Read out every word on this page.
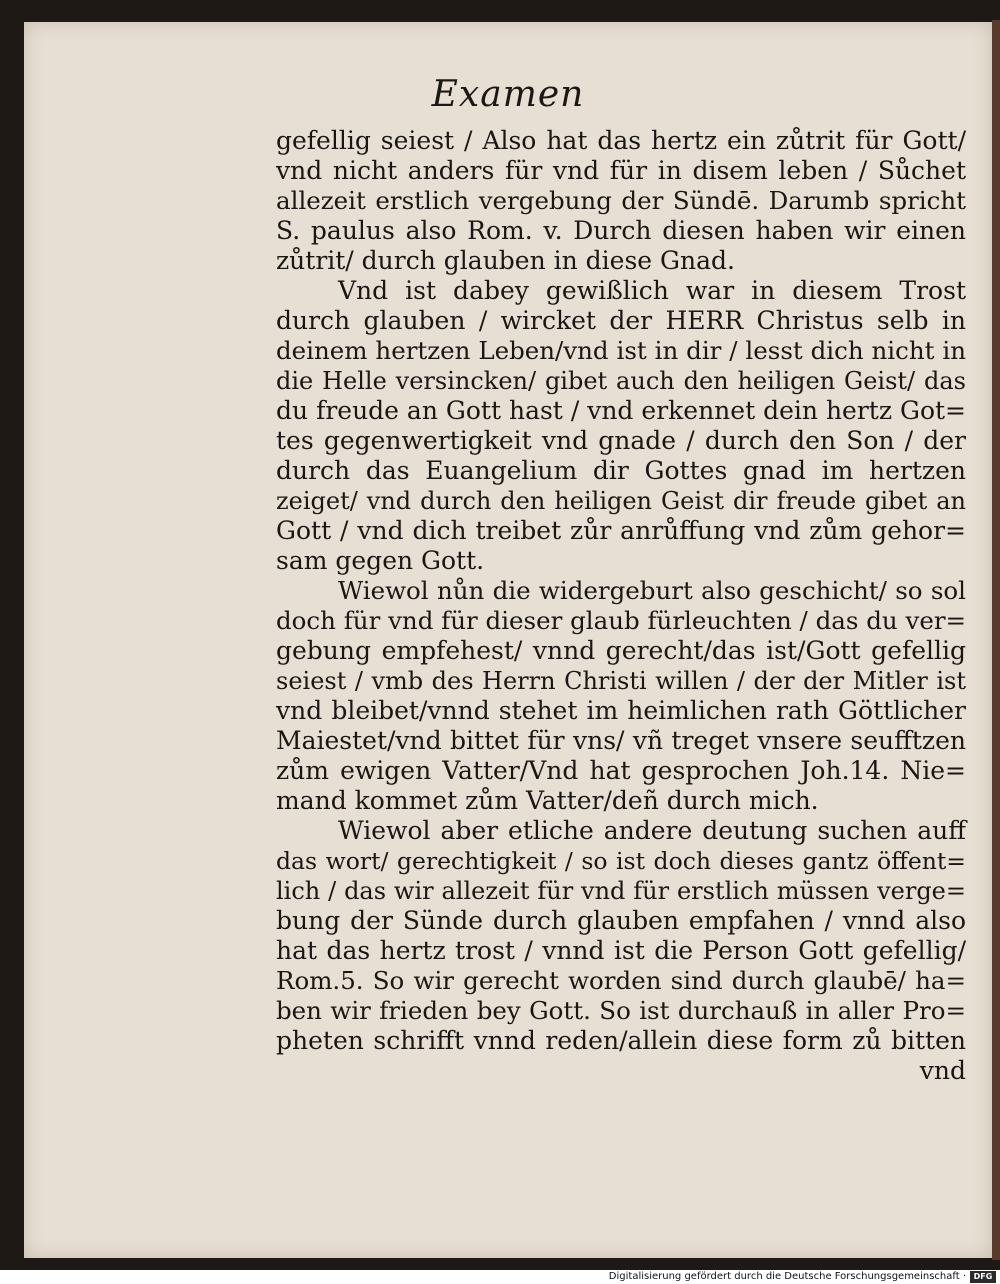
Examen
gefellig seiest / Also hat das hertz ein zůtrit für Gott/
vnd nicht anders für vnd für in disem leben / Sůchet
allezeit erstlich vergebung der Sündē. Darumb spricht
S. paulus also Rom. v. Durch diesen haben wir einen
zůtrit/ durch glauben in diese Gnad.
Vnd ist dabey gewißlich war in diesem Trost
durch glauben / wircket der HERR Christus selb in
deinem hertzen Leben/vnd ist in dir / lesst dich nicht in
die Helle versincken/ gibet auch den heiligen Geist/ das
du freude an Gott hast / vnd erkennet dein hertz Got=
tes gegenwertigkeit vnd gnade / durch den Son / der
durch das Euangelium dir Gottes gnad im hertzen
zeiget/ vnd durch den heiligen Geist dir freude gibet an
Gott / vnd dich treibet zůr anrůffung vnd zům gehor=
sam gegen Gott.
Wiewol nůn die widergeburt also geschicht/ so sol
doch für vnd für dieser glaub fürleuchten / das du ver=
gebung empfehest/ vnnd gerecht/das ist/Gott gefellig
seiest / vmb des Herrn Christi willen / der der Mitler ist
vnd bleibet/vnnd stehet im heimlichen rath Göttlicher
Maiestet/vnd bittet für vns/ vñ treget vnsere seufftzen
zům ewigen Vatter/Vnd hat gesprochen Joh.14. Nie=
mand kommet zům Vatter/deñ durch mich.
Wiewol aber etliche andere deutung suchen auff
das wort/ gerechtigkeit / so ist doch dieses gantz öffent=
lich / das wir allezeit für vnd für erstlich müssen verge=
bung der Sünde durch glauben empfahen / vnnd also
hat das hertz trost / vnnd ist die Person Gott gefellig/
Rom.5. So wir gerecht worden sind durch glaubē/ ha=
ben wir frieden bey Gott. So ist durchauß in aller Pro=
pheten schrifft vnnd reden/allein diese form zů bitten
vnd
Digitalisierung gefördert durch die Deutsche Forschungsgemeinschaft · DFG
